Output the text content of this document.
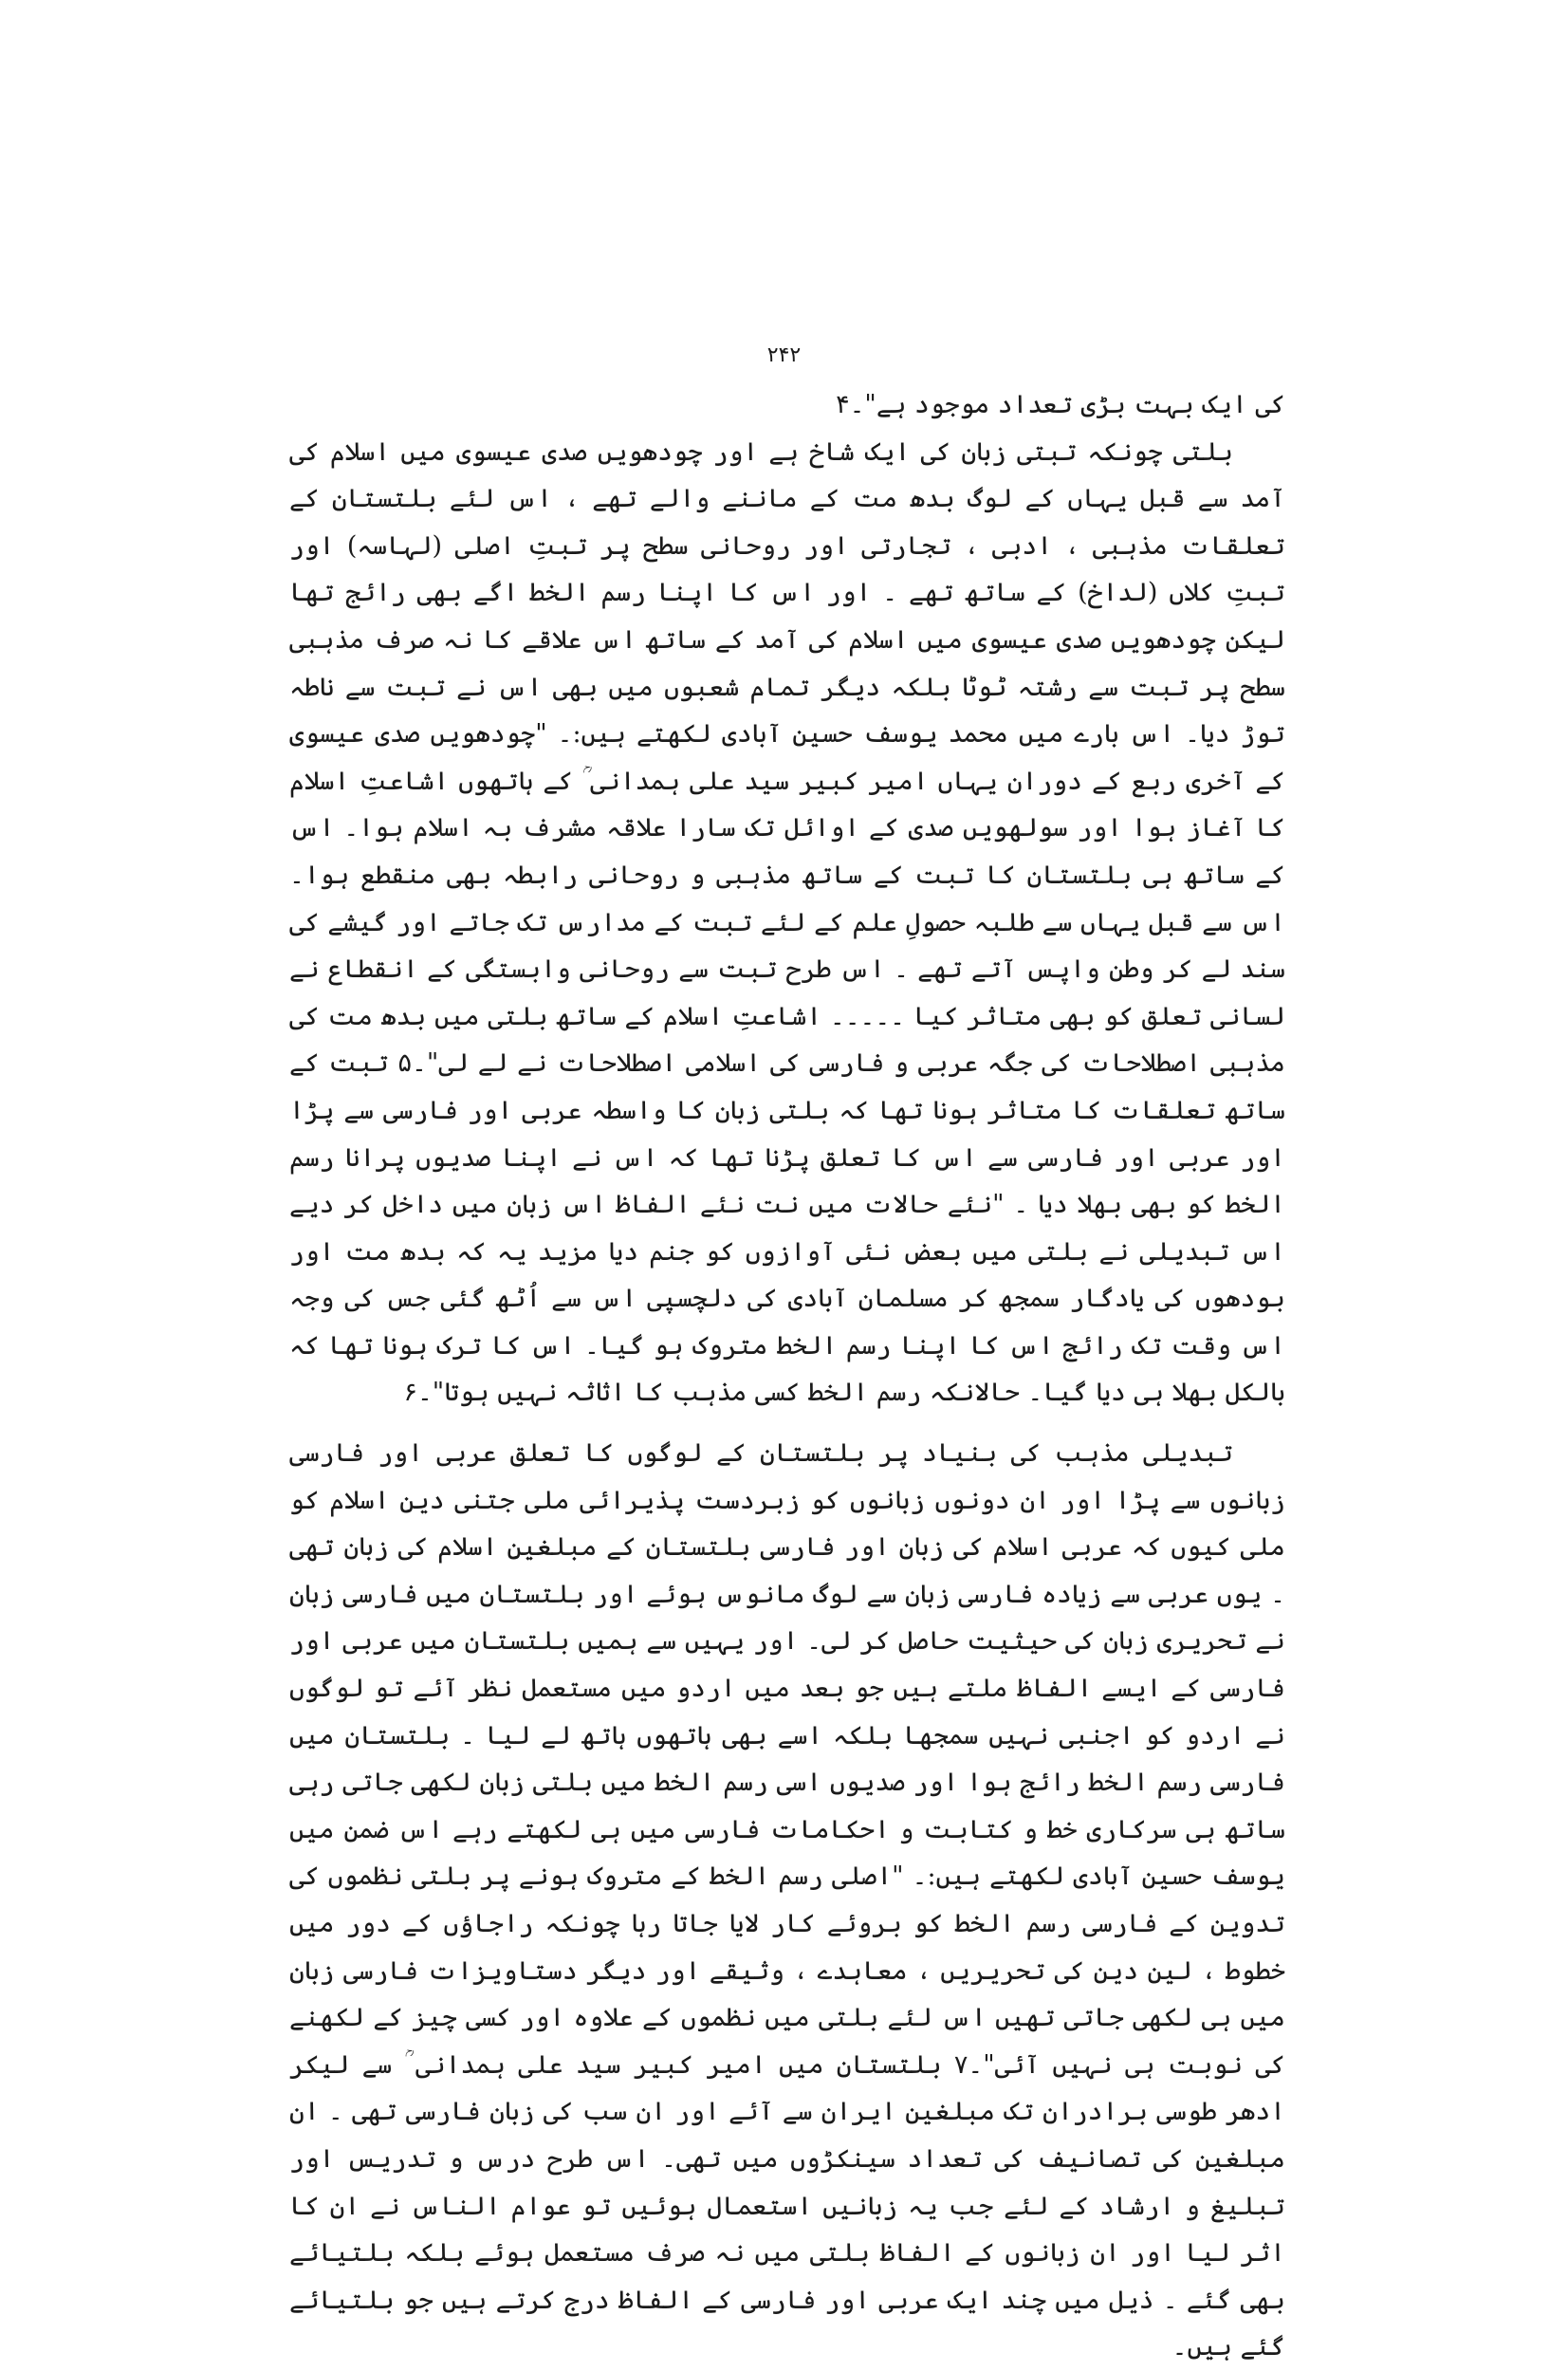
۲۴۲

کی ایک بہت بڑی تعداد موجود ہے"۔۴

بلتی چونکہ تبتی زبان کی ایک شاخ ہے اور چودھویں صدی عیسوی میں اسلام کی آمد سے قبل یہاں کے لوگ بدھ مت کے ماننے والے تھے ، اس لئے بلتستان کے تعلقات مذہبی ، ادبی ، تجارتی اور روحانی سطح پر تبتِ اصلی (لہاسہ) اور تبتِ کلاں (لداخ) کے ساتھ تھے ۔ اور اس کا اپنا رسم الخط اگے بھی رائج تھا لیکن چودھویں صدی عیسوی میں اسلام کی آمد کے ساتھ اس علاقے کا نہ صرف مذہبی سطح پر تبت سے رشتہ ٹوٹا بلکہ دیگر تمام شعبوں میں بھی اس نے تبت سے ناطہ توڑ دیا۔ اس بارے میں محمد یوسف حسین آبادی لکھتے ہیں:۔ "چودھویں صدی عیسوی کے آخری ربع کے دوران یہاں امیر کبیر سید علی ہمدانی ؒ کے ہاتھوں اشاعتِ اسلام کا آغاز ہوا اور سولھویں صدی کے اوائل تک سارا علاقہ مشرف بہ اسلام ہوا۔ اس کے ساتھ ہی بلتستان کا تبت کے ساتھ مذہبی و روحانی رابطہ بھی منقطع ہوا۔ اس سے قبل یہاں سے طلبہ حصولِ علم کے لئے تبت کے مدارس تک جاتے اور گیشے کی سند لے کر وطن واپس آتے تھے ۔ اس طرح تبت سے روحانی وابستگی کے انقطاع نے لسانی تعلق کو بھی متاثر کیا ۔۔۔۔۔ اشاعتِ اسلام کے ساتھ بلتی میں بدھ مت کی مذہبی اصطلاحات کی جگہ عربی و فارسی کی اسلامی اصطلاحات نے لے لی"۔۵ تبت کے ساتھ تعلقات کا متاثر ہونا تھا کہ بلتی زبان کا واسطہ عربی اور فارسی سے پڑا اور عربی اور فارسی سے اس کا تعلق پڑنا تھا کہ اس نے اپنا صدیوں پرانا رسم الخط کو بھی بھلا دیا ۔ "نئے حالات میں نت نئے الفاظ اس زبان میں داخل کر دیے اس تبدیلی نے بلتی میں بعض نئی آوازوں کو جنم دیا مزید یہ کہ بدھ مت اور بودھوں کی یادگار سمجھ کر مسلمان آبادی کی دلچسپی اس سے اُٹھ گئی جس کی وجہ اس وقت تک رائج اس کا اپنا رسم الخط متروک ہو گیا۔ اس کا ترک ہونا تھا کہ بالکل بھلا ہی دیا گیا۔ حالانکہ رسم الخط کسی مذہب کا اثاثہ نہیں ہوتا"۔۶

تبدیلی مذہب کی بنیاد پر بلتستان کے لوگوں کا تعلق عربی اور فارسی زبانوں سے پڑا اور ان دونوں زبانوں کو زبردست پذیرائی ملی جتنی دینِ اسلام کو ملی کیوں کہ عربی اسلام کی زبان اور فارسی بلتستان کے مبلغینِ اسلام کی زبان تھی ۔ یوں عربی سے زیادہ فارسی زبان سے لوگ مانوس ہوئے اور بلتستان میں فارسی زبان نے تحریری زبان کی حیثیت حاصل کر لی۔ اور یہیں سے ہمیں بلتستان میں عربی اور فارسی کے ایسے الفاظ ملتے ہیں جو بعد میں اردو میں مستعمل نظر آئے تو لوگوں نے اردو کو اجنبی نہیں سمجھا بلکہ اسے بھی ہاتھوں ہاتھ لے لیا ۔ بلتستان میں فارسی رسم الخط رائج ہوا اور صدیوں اسی رسم الخط میں بلتی زبان لکھی جاتی رہی ساتھ ہی سرکاری خط و کتابت و احکامات فارسی میں ہی لکھتے رہے اس ضمن میں یوسف حسین آبادی لکھتے ہیں:۔ "اصلی رسم الخط کے متروک ہونے پر بلتی نظموں کی تدوین کے فارسی رسم الخط کو بروئے کار لایا جاتا رہا چونکہ راجاؤں کے دور میں خطوط ، لین دین کی تحریریں ، معاہدے ، وثیقے اور دیگر دستاویزات فارسی زبان میں ہی لکھی جاتی تھیں اس لئے بلتی میں نظموں کے علاوہ اور کسی چیز کے لکھنے کی نوبت ہی نہیں آئی"۔۷ بلتستان میں امیر کبیر سید علی ہمدانی ؒ سے لیکر ادھر طوسی برادران تک مبلغین ایران سے آئے اور ان سب کی زبان فارسی تھی ۔ ان مبلغین کی تصانیف کی تعداد سینکڑوں میں تھی۔ اس طرح درس و تدریس اور تبلیغ و ارشاد کے لئے جب یہ زبانیں استعمال ہوئیں تو عوام الناس نے ان کا اثر لیا اور ان زبانوں کے الفاظ بلتی میں نہ صرف مستعمل ہوئے بلکہ بلتیائے بھی گئے ۔ ذیل میں چند ایک عربی اور فارسی کے الفاظ درج کرتے ہیں جو بلتیائے گئے ہیں۔
